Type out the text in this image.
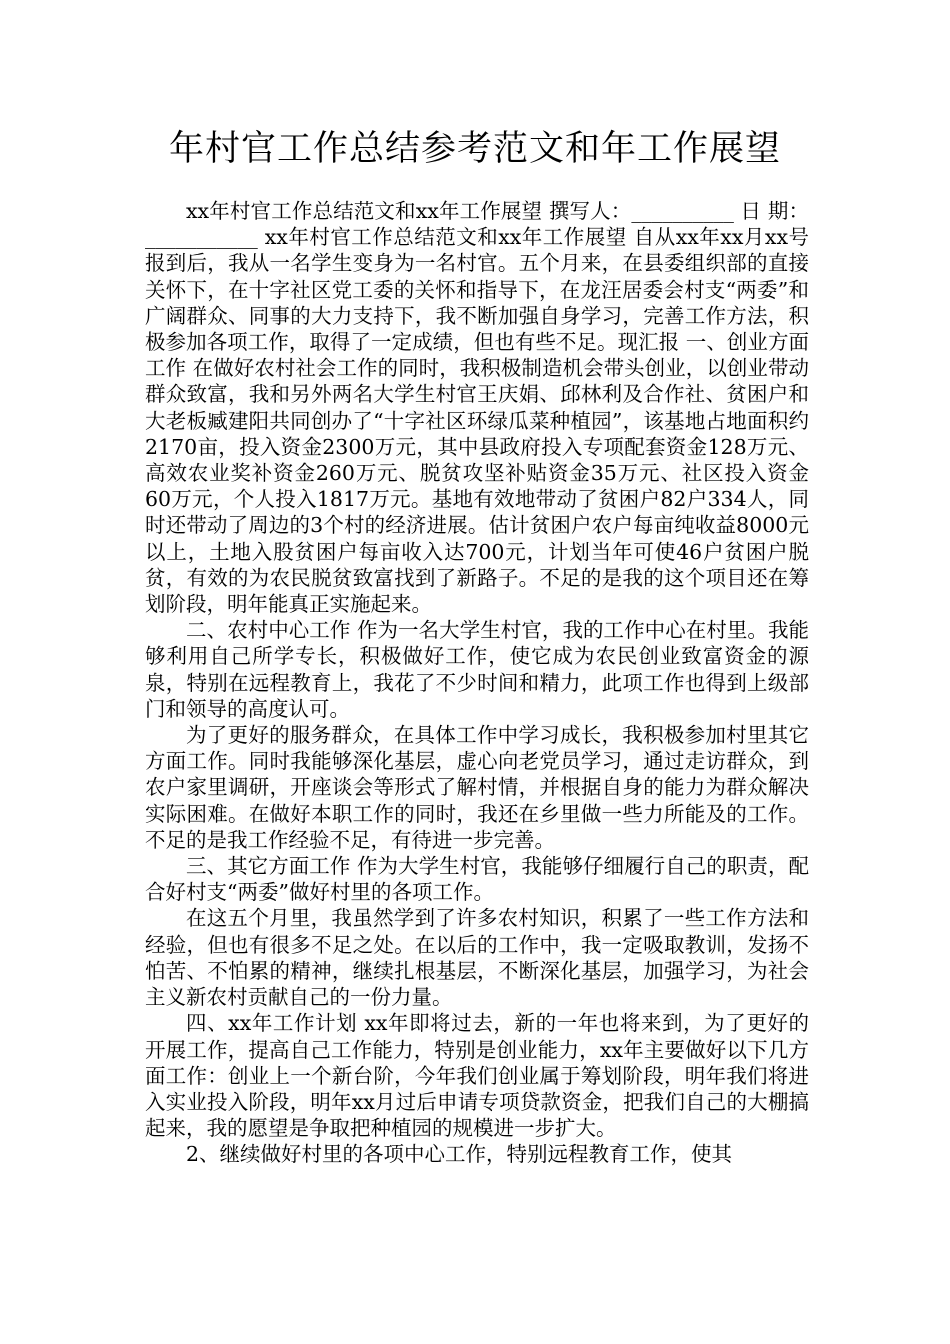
年村官工作总结参考范文和年工作展望

xx年村官工作总结范文和xx年工作展望 撰写人：__________ 日 期：___________ xx年村官工作总结范文和xx年工作展望 自从xx年xx月xx号报到后，我从一名学生变身为一名村官。五个月来，在县委组织部的直接关怀下，在十字社区党工委的关怀和指导下，在龙汪居委会村支“两委”和广阔群众、同事的大力支持下，我不断加强自身学习，完善工作方法，积极参加各项工作，取得了一定成绩，但也有些不足。现汇报 一、创业方面工作 在做好农村社会工作的同时，我积极制造机会带头创业，以创业带动群众致富，我和另外两名大学生村官王庆娟、邱林利及合作社、贫困户和大老板臧建阳共同创办了“十字社区环绿瓜菜种植园”，该基地占地面积约2170亩，投入资金2300万元，其中县政府投入专项配套资金128万元、高效农业奖补资金260万元、脱贫攻坚补贴资金35万元、社区投入资金60万元，个人投入1817万元。基地有效地带动了贫困户82户334人，同时还带动了周边的3个村的经济进展。估计贫困户农户每亩纯收益8000元以上，土地入股贫困户每亩收入达700元，计划当年可使46户贫困户脱贫，有效的为农民脱贫致富找到了新路子。不足的是我的这个项目还在筹划阶段，明年能真正实施起来。

二、农村中心工作 作为一名大学生村官，我的工作中心在村里。我能够利用自己所学专长，积极做好工作，使它成为农民创业致富资金的源泉，特别在远程教育上，我花了不少时间和精力，此项工作也得到上级部门和领导的高度认可。

为了更好的服务群众，在具体工作中学习成长，我积极参加村里其它方面工作。同时我能够深化基层，虚心向老党员学习，通过走访群众，到农户家里调研，开座谈会等形式了解村情，并根据自身的能力为群众解决实际困难。在做好本职工作的同时，我还在乡里做一些力所能及的工作。不足的是我工作经验不足，有待进一步完善。

三、其它方面工作 作为大学生村官，我能够仔细履行自己的职责，配合好村支“两委”做好村里的各项工作。

在这五个月里，我虽然学到了许多农村知识，积累了一些工作方法和经验，但也有很多不足之处。在以后的工作中，我一定吸取教训，发扬不怕苦、不怕累的精神，继续扎根基层，不断深化基层，加强学习，为社会主义新农村贡献自己的一份力量。

四、xx年工作计划 xx年即将过去，新的一年也将来到，为了更好的开展工作，提高自己工作能力，特别是创业能力，xx年主要做好以下几方面工作：创业上一个新台阶，今年我们创业属于筹划阶段，明年我们将进入实业投入阶段，明年xx月过后申请专项贷款资金，把我们自己的大棚搞起来，我的愿望是争取把种植园的规模进一步扩大。

2、继续做好村里的各项中心工作，特别远程教育工作，使其
